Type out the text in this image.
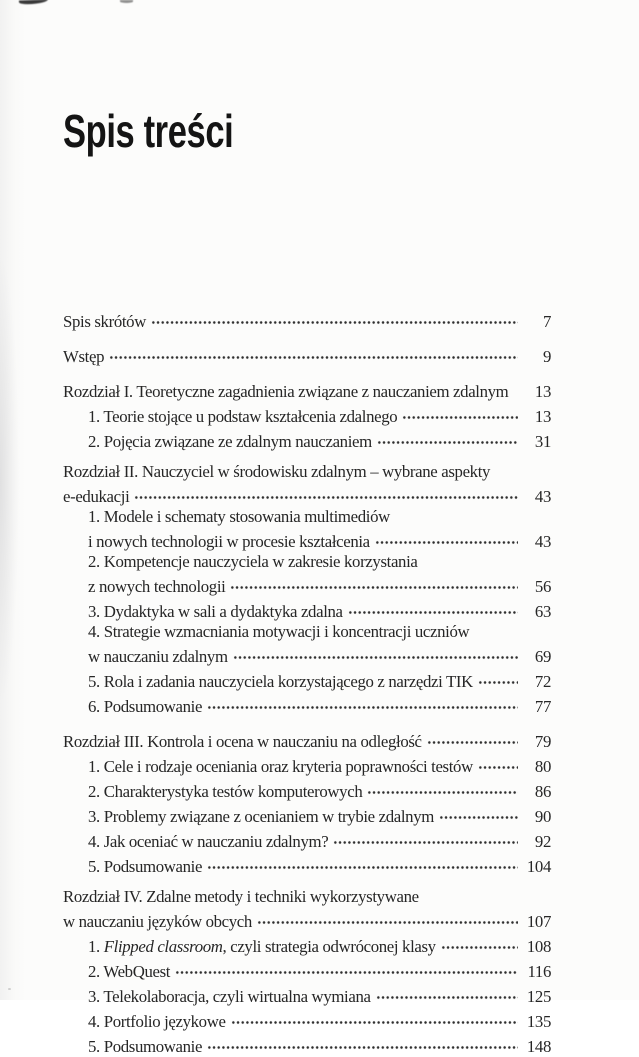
Spis treści
Spis skrótów	7
Wstęp	9
Rozdział I. Teoretyczne zagadnienia związane z nauczaniem zdalnym	13
1. Teorie stojące u podstaw kształcenia zdalnego	13
2. Pojęcia związane ze zdalnym nauczaniem	31
Rozdział II. Nauczyciel w środowisku zdalnym – wybrane aspekty
e-edukacji	43
1. Modele i schematy stosowania multimediów
i nowych technologii w procesie kształcenia	43
2. Kompetencje nauczyciela w zakresie korzystania
z nowych technologii	56
3. Dydaktyka w sali a dydaktyka zdalna	63
4. Strategie wzmacniania motywacji i koncentracji uczniów
w nauczaniu zdalnym	69
5. Rola i zadania nauczyciela korzystającego z narzędzi TIK	72
6. Podsumowanie	77
Rozdział III. Kontrola i ocena w nauczaniu na odległość	79
1. Cele i rodzaje oceniania oraz kryteria poprawności testów	80
2. Charakterystyka testów komputerowych	86
3. Problemy związane z ocenianiem w trybie zdalnym	90
4. Jak oceniać w nauczaniu zdalnym?	92
5. Podsumowanie	104
Rozdział IV. Zdalne metody i techniki wykorzystywane
w nauczaniu języków obcych	107
1. Flipped classroom, czyli strategia odwróconej klasy	108
2. WebQuest	116
3. Telekolaboracja, czyli wirtualna wymiana	125
4. Portfolio językowe	135
5. Podsumowanie	148
